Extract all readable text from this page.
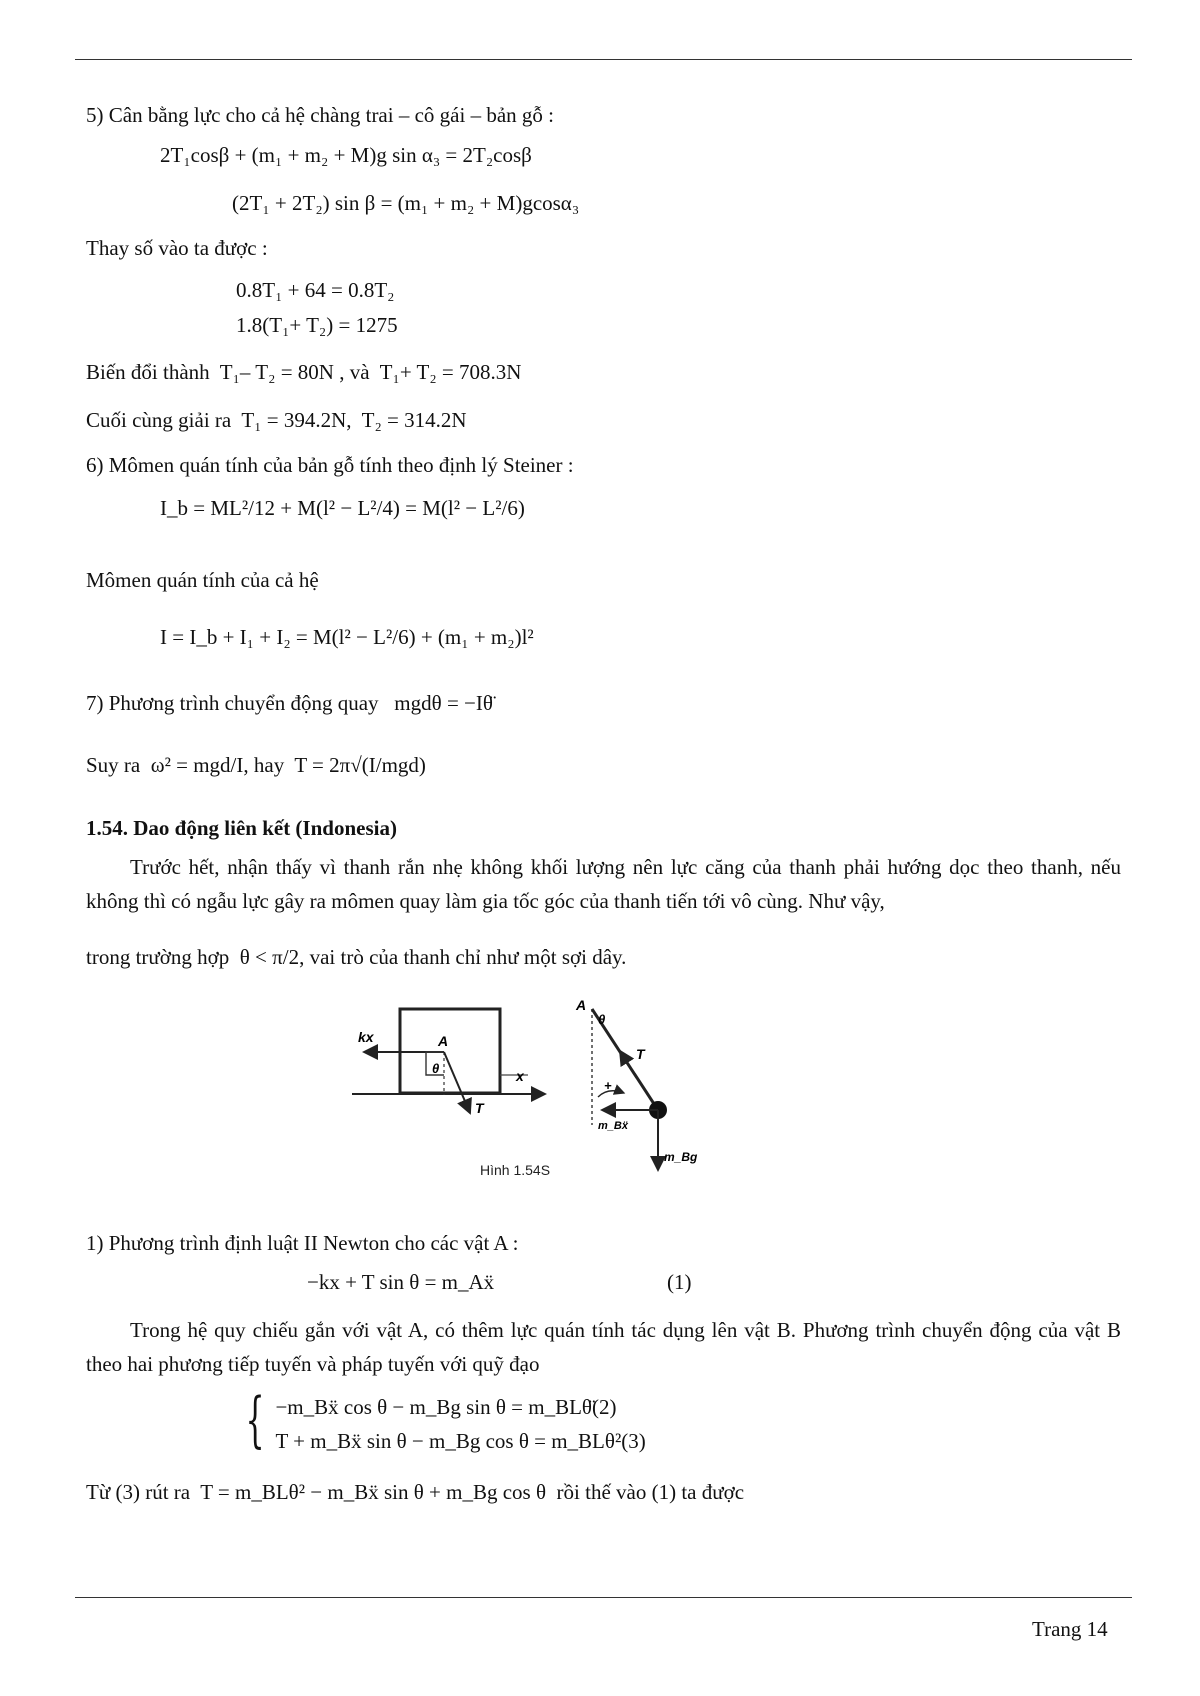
5) Cân bằng lực cho cả hệ chàng trai – cô gái – bản gỗ :
2T₁cosβ + (m₁ + m₂ + M)g sin α₃ = 2T₂cosβ
(2T₁ + 2T₂) sin β = (m₁ + m₂ + M)gcosα₃
Thay số vào ta được :
0.8T₁ + 64 = 0.8T₂
1.8(T₁+ T₂) = 1275
Biến đổi thành T₁– T₂ = 80N , và T₁+ T₂ = 708.3N
Cuối cùng giải ra T₁ = 394.2N, T₂ = 314.2N
6) Mômen quán tính của bản gỗ tính theo định lý Steiner :
I_b = ML²/12 + M(l² − L²/4) = M(l² − L²/6)
Mômen quán tính của cả hệ
I = I_b + I₁ + I₂ = M(l² − L²/6) + (m₁ + m₂)l²
7) Phương trình chuyển động quay mgdθ = −Iθ̈
Suy ra ω² = mgd/I, hay T = 2π√(I/mgd)
1.54. Dao động liên kết (Indonesia)
Trước hết, nhận thấy vì thanh rắn nhẹ không khối lượng nên lực căng của thanh phải hướng dọc theo thanh, nếu không thì có ngẫu lực gây ra mômen quay làm gia tốc góc của thanh tiến tới vô cùng. Như vậy,
trong trường hợp θ < π/2, vai trò của thanh chỉ như một sợi dây.
kx	A
θ	x
T
A
θ
T
+
m_Bẍ
m_Bg
Hình 1.54S
1) Phương trình định luật II Newton cho các vật A :
−kx + T sin θ = m_Aẍ	(1)
Trong hệ quy chiếu gắn với vật A, có thêm lực quán tính tác dụng lên vật B. Phương trình chuyển động của vật B theo hai phương tiếp tuyến và pháp tuyến với quỹ đạo
{ −m_Bẍ cos θ − m_Bg sin θ = m_BLθ̈(2)
T + m_Bẍ sin θ − m_Bg cos θ = m_BLθ²(3)
Từ (3) rút ra T = m_BLθ² − m_Bẍ sin θ + m_Bg cos θ rồi thế vào (1) ta được
Trang 14
